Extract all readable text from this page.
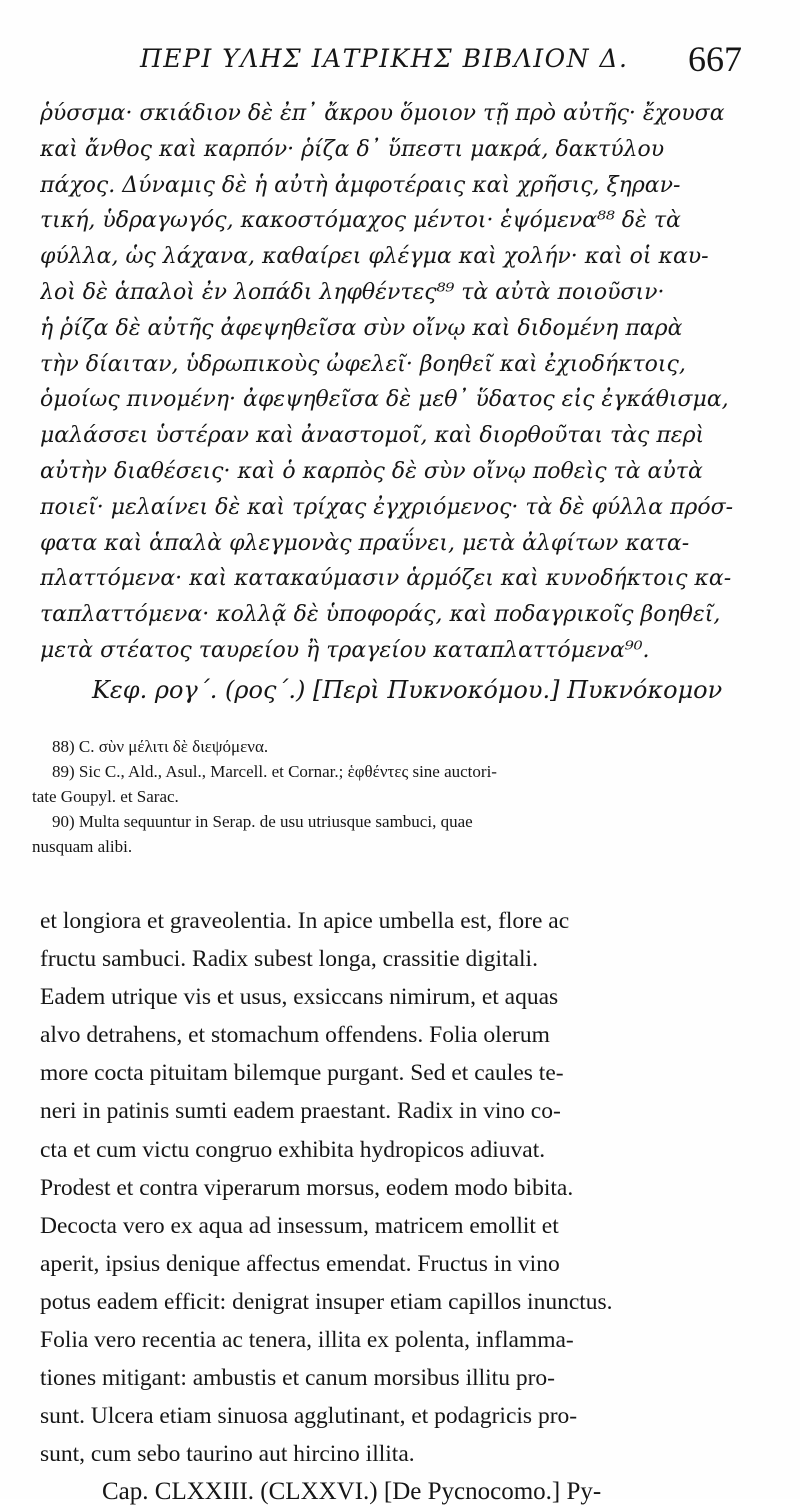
ΠΕΡΙ ΥΛΗΣ ΙΑΤΡΙΚΗΣ ΒΙΒΛΙΟΝ Δ. 667
ῥύσσμα· σκιάδιον δὲ ἐπ᾿ ἄκρου ὅμοιον τῇ πρὸ αὐτῆς· ἔχουσα
καὶ ἄνθος καὶ καρπόν· ῥίζα δ᾿ ὕπεστι μακρά, δακτύλου
πάχος. Δύναμις δὲ ἡ αὐτὴ ἀμφοτέραις καὶ χρῆσις, ξηραν-
τική, ὑδραγωγός, κακοστόμαχος μέντοι· ἑψόμενα⁸⁸ δὲ τὰ
φύλλα, ὡς λάχανα, καθαίρει φλέγμα καὶ χολήν· καὶ οἱ καυ-
λοὶ δὲ ἁπαλοὶ ἐν λοπάδι ληφθέντες⁸⁹ τὰ αὐτὰ ποιοῦσιν·
ἡ ῥίζα δὲ αὐτῆς ἀφεψηθεῖσα σὺν οἴνῳ καὶ διδομένη παρὰ
τὴν δίαιταν, ὑδρωπικοὺς ὠφελεῖ· βοηθεῖ καὶ ἐχιοδήκτοις,
ὁμοίως πινομένη· ἀφεψηθεῖσα δὲ μεθ᾿ ὕδατος εἰς ἐγκάθισμα,
μαλάσσει ὑστέραν καὶ ἀναστομοῖ, καὶ διορθοῦται τὰς περὶ
αὐτὴν διαθέσεις· καὶ ὁ καρπὸς δὲ σὺν οἴνῳ ποθεὶς τὰ αὐτὰ
ποιεῖ· μελαίνει δὲ καὶ τρίχας ἐγχριόμενος· τὰ δὲ φύλλα πρόσ-
φατα καὶ ἁπαλὰ φλεγμονὰς πραΰνει, μετὰ ἀλφίτων κατα-
πλαττόμενα· καὶ κατακαύμασιν ἁρμόζει καὶ κυνοδήκτοις κα-
ταπλαττόμενα· κολλᾷ δὲ ὑποφοράς, καὶ ποδαγρικοῖς βοηθεῖ,
μετὰ στέατος ταυρείου ἢ τραγείου καταπλαττόμενα⁹⁰.
Κεφ. ρογ΄. (ρος΄.) [Περὶ Πυκνοκόμου.] Πυκνόκομον
88) C. σὺν μέλιτι δὲ διεψόμενα.
89) Sic C., Ald., Asul., Marcell. et Cornar.; ἑφθέντες sine auctori-
tate Goupyl. et Sarac.
90) Multa sequuntur in Serap. de usu utriusque sambuci, quae
nusquam alibi.
et longiora et graveolentia. In apice umbella est, flore ac
fructu sambuci. Radix subest longa, crassitie digitali.
Eadem utrique vis et usus, exsiccans nimirum, et aquas
alvo detrahens, et stomachum offendens. Folia olerum
more cocta pituitam bilemque purgant. Sed et caules te-
neri in patinis sumti eadem praestant. Radix in vino co-
cta et cum victu congruo exhibita hydropicos adiuvat.
Prodest et contra viperarum morsus, eodem modo bibita.
Decocta vero ex aqua ad insessum, matricem emollit et
aperit, ipsius denique affectus emendat. Fructus in vino
potus eadem efficit: denigrat insuper etiam capillos inunctus.
Folia vero recentia ac tenera, illita ex polenta, inflamma-
tiones mitigant: ambustis et canum morsibus illitu pro-
sunt. Ulcera etiam sinuosa agglutinant, et podagricis pro-
sunt, cum sebo taurino aut hircino illita.
Cap. CLXXIII. (CLXXVI.) [De Pycnocomo.] Py-
